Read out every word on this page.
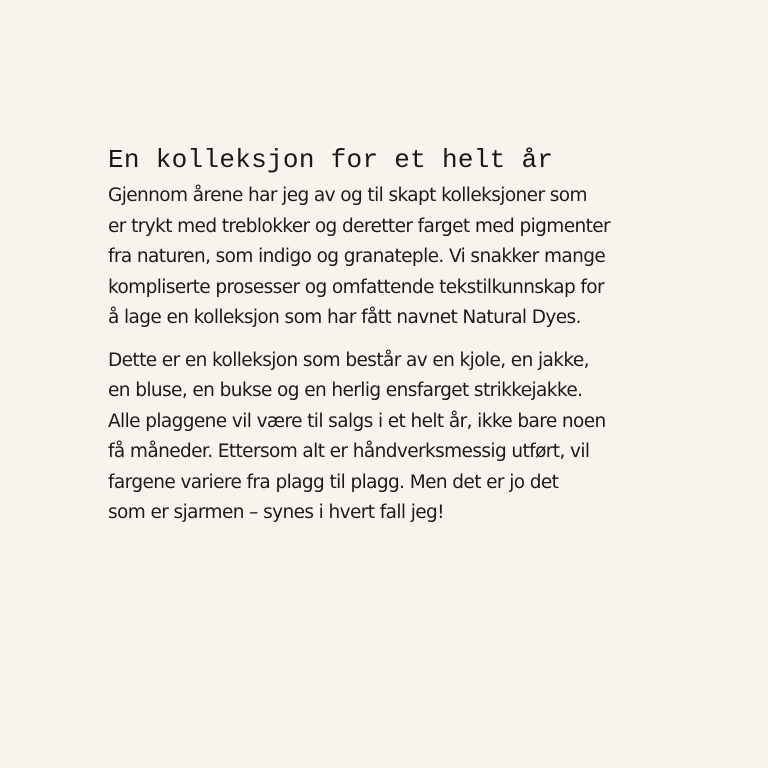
En kolleksjon for et helt år

Gjennom årene har jeg av og til skapt kolleksjoner som
er trykt med treblokker og deretter farget med pigmenter
fra naturen, som indigo og granateple. Vi snakker mange
kompliserte prosesser og omfattende tekstilkunnskap for
å lage en kolleksjon som har fått navnet Natural Dyes.

Dette er en kolleksjon som består av en kjole, en jakke,
en bluse, en bukse og en herlig ensfarget strikkejakke.
Alle plaggene vil være til salgs i et helt år, ikke bare noen
få måneder. Ettersom alt er håndverksmessig utført, vil
fargene variere fra plagg til plagg. Men det er jo det
som er sjarmen – synes i hvert fall jeg!
